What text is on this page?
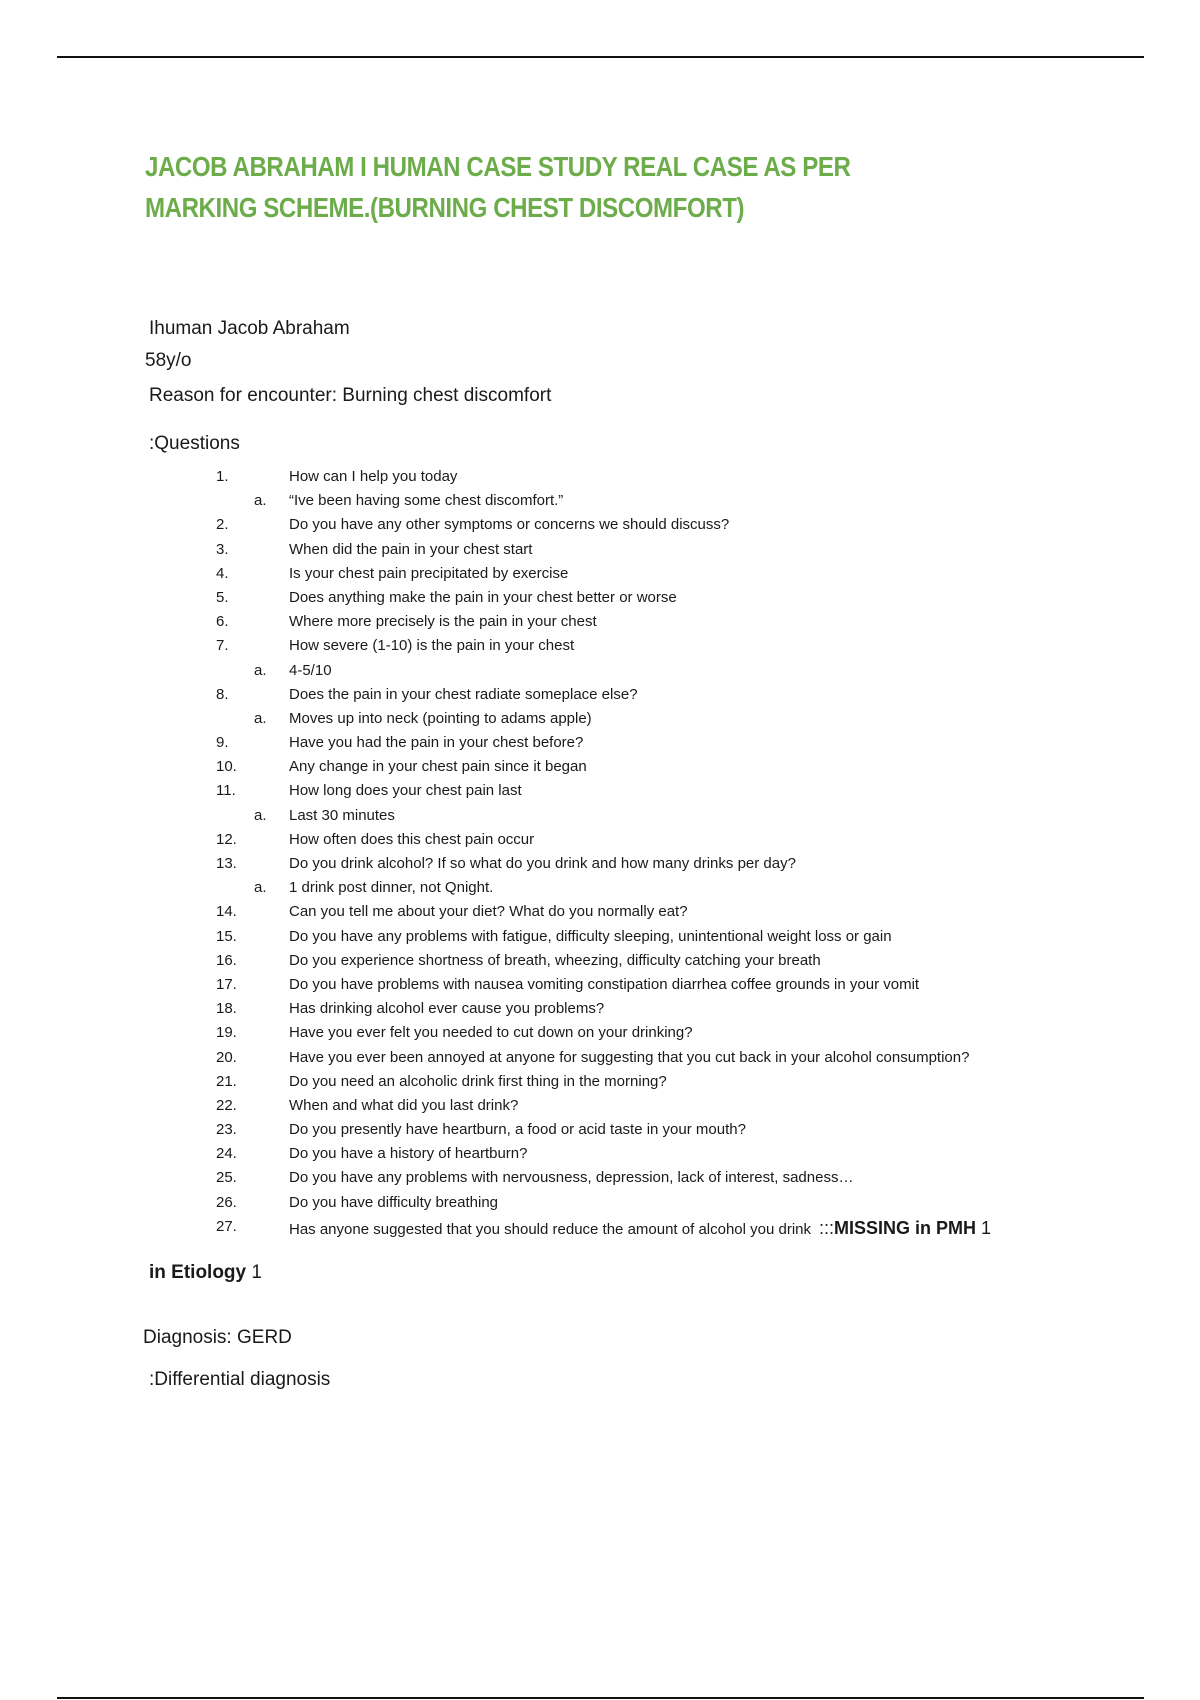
JACOB ABRAHAM I HUMAN CASE STUDY REAL CASE AS PER MARKING SCHEME.(BURNING CHEST DISCOMFORT)
Ihuman Jacob Abraham
58y/o
Reason for encounter: Burning chest discomfort
:Questions
1.	How can I help you today
a. “Ive been having some chest discomfort.”
2.	Do you have any other symptoms or concerns we should discuss?
3.	When did the pain in your chest start
4.	Is your chest pain precipitated by exercise
5.	Does anything make the pain in your chest better or worse
6.	Where more precisely is the pain in your chest
7.	How severe (1-10) is the pain in your chest
a. 4-5/10
8.	Does the pain in your chest radiate someplace else?
a. Moves up into neck (pointing to adams apple)
9.	Have you had the pain in your chest before?
10.	Any change in your chest pain since it began
11.	How long does your chest pain last
a. Last 30 minutes
12.	How often does this chest pain occur
13.	Do you drink alcohol? If so what do you drink and how many drinks per day?
a. 1 drink post dinner, not Qnight.
14.	Can you tell me about your diet? What do you normally eat?
15.	Do you have any problems with fatigue, difficulty sleeping, unintentional weight loss or gain
16.	Do you experience shortness of breath, wheezing, difficulty catching your breath
17.	Do you have problems with nausea vomiting constipation diarrhea coffee grounds in your vomit
18.	Has drinking alcohol ever cause you problems?
19.	Have you ever felt you needed to cut down on your drinking?
20.	Have you ever been annoyed at anyone for suggesting that you cut back in your alcohol consumption?
21.	Do you need an alcoholic drink first thing in the morning?
22.	When and what did you last drink?
23.	Do you presently have heartburn, a food or acid taste in your mouth?
24.	Do you have a history of heartburn?
25.	Do you have any problems with nervousness, depression, lack of interest, sadness…
26.	Do you have difficulty breathing
27.	Has anyone suggested that you should reduce the amount of alcohol you drink :::MISSING in PMH 1
in Etiology 1
Diagnosis: GERD
:Differential diagnosis
